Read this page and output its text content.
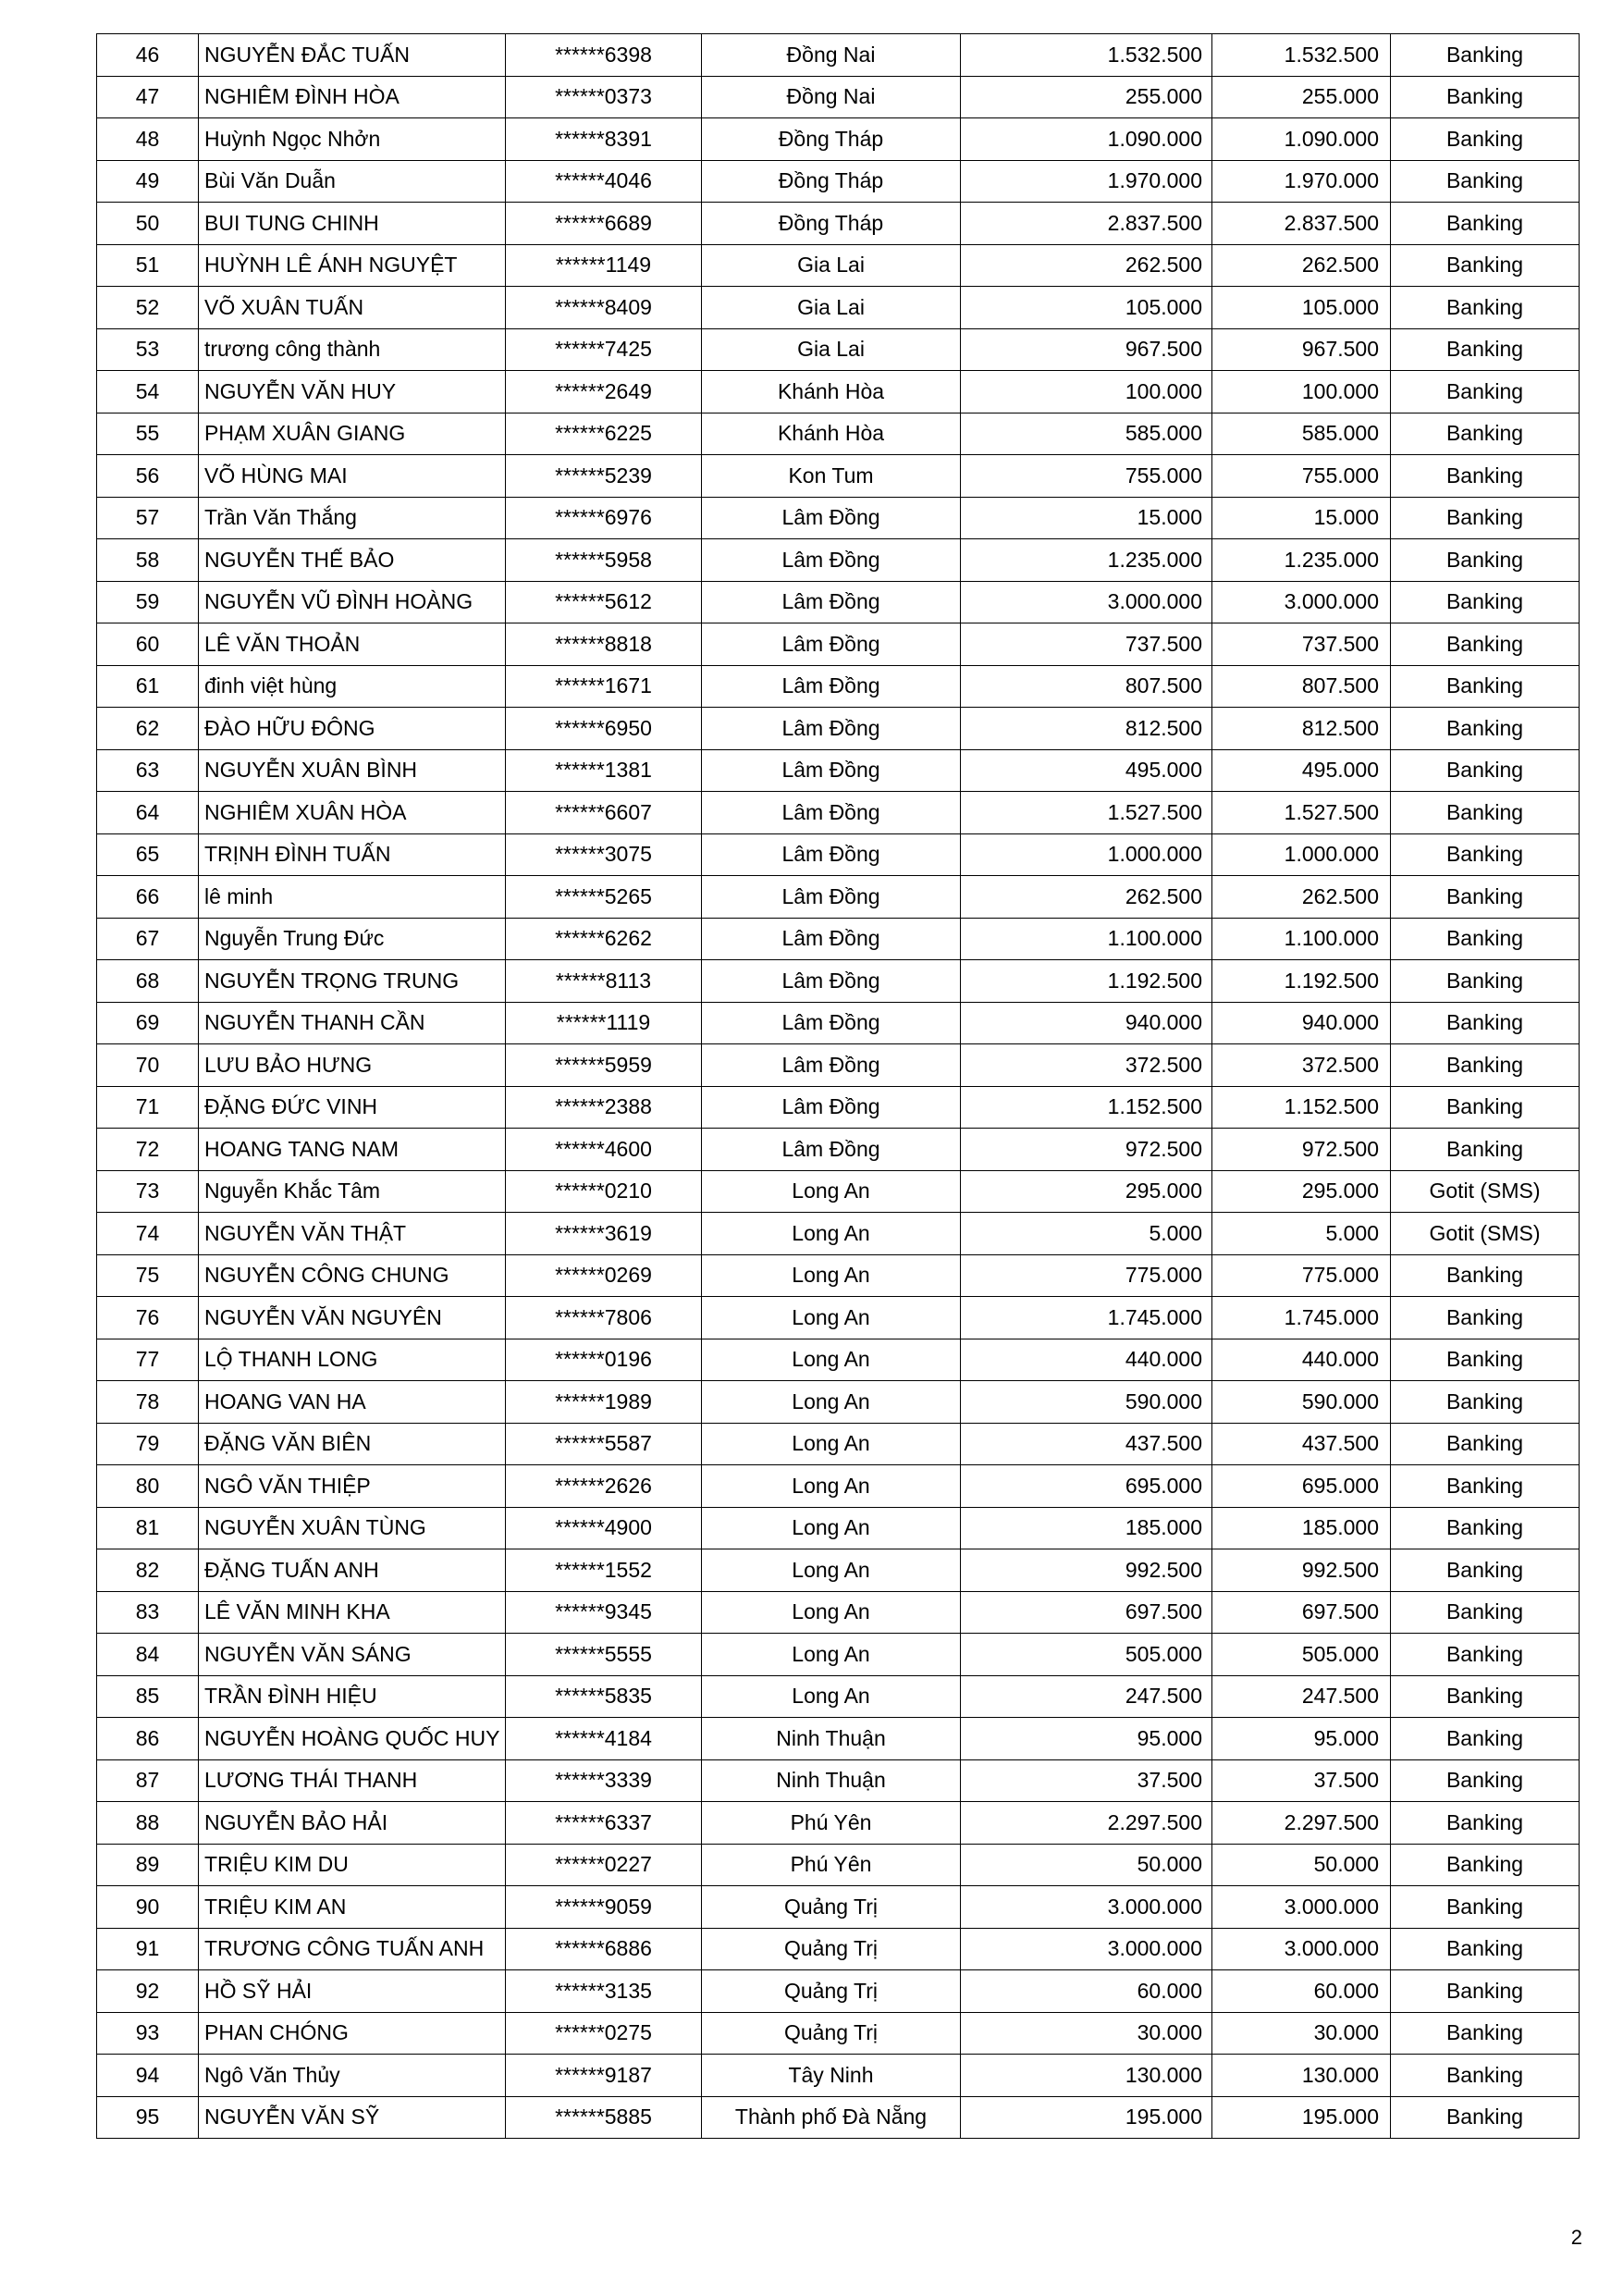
46	NGUYỄN ĐẮC TUẤN	******6398	Đồng Nai	1.532.500	1.532.500	Banking
47	NGHIÊM ĐÌNH HÒA	******0373	Đồng Nai	255.000	255.000	Banking
48	Huỳnh Ngọc Nhởn	******8391	Đồng Tháp	1.090.000	1.090.000	Banking
49	Bùi Văn Duẫn	******4046	Đồng Tháp	1.970.000	1.970.000	Banking
50	BUI TUNG CHINH	******6689	Đồng Tháp	2.837.500	2.837.500	Banking
51	HUỲNH LÊ ÁNH NGUYỆT	******1149	Gia Lai	262.500	262.500	Banking
52	VÕ XUÂN TUẤN	******8409	Gia Lai	105.000	105.000	Banking
53	trương công thành	******7425	Gia Lai	967.500	967.500	Banking
54	NGUYỄN VĂN HUY	******2649	Khánh Hòa	100.000	100.000	Banking
55	PHẠM XUÂN GIANG	******6225	Khánh Hòa	585.000	585.000	Banking
56	VÕ HÙNG MAI	******5239	Kon Tum	755.000	755.000	Banking
57	Trần Văn Thắng	******6976	Lâm Đồng	15.000	15.000	Banking
58	NGUYỄN THẾ BẢO	******5958	Lâm Đồng	1.235.000	1.235.000	Banking
59	NGUYỄN VŨ ĐÌNH HOÀNG	******5612	Lâm Đồng	3.000.000	3.000.000	Banking
60	LÊ VĂN THOẢN	******8818	Lâm Đồng	737.500	737.500	Banking
61	đinh việt hùng	******1671	Lâm Đồng	807.500	807.500	Banking
62	ĐÀO HỮU ĐÔNG	******6950	Lâm Đồng	812.500	812.500	Banking
63	NGUYỄN XUÂN BÌNH	******1381	Lâm Đồng	495.000	495.000	Banking
64	NGHIÊM XUÂN HÒA	******6607	Lâm Đồng	1.527.500	1.527.500	Banking
65	TRỊNH ĐÌNH TUẤN	******3075	Lâm Đồng	1.000.000	1.000.000	Banking
66	lê minh	******5265	Lâm Đồng	262.500	262.500	Banking
67	Nguyễn Trung Đức	******6262	Lâm Đồng	1.100.000	1.100.000	Banking
68	NGUYỄN TRỌNG TRUNG	******8113	Lâm Đồng	1.192.500	1.192.500	Banking
69	NGUYỄN THANH CẦN	******1119	Lâm Đồng	940.000	940.000	Banking
70	LƯU BẢO HƯNG	******5959	Lâm Đồng	372.500	372.500	Banking
71	ĐẶNG ĐỨC VINH	******2388	Lâm Đồng	1.152.500	1.152.500	Banking
72	HOANG TANG NAM	******4600	Lâm Đồng	972.500	972.500	Banking
73	Nguyễn Khắc Tâm	******0210	Long An	295.000	295.000	Gotit (SMS)
74	NGUYỄN VĂN THẬT	******3619	Long An	5.000	5.000	Gotit (SMS)
75	NGUYỄN CÔNG CHUNG	******0269	Long An	775.000	775.000	Banking
76	NGUYỄN VĂN NGUYÊN	******7806	Long An	1.745.000	1.745.000	Banking
77	LỘ THANH LONG	******0196	Long An	440.000	440.000	Banking
78	HOANG VAN HA	******1989	Long An	590.000	590.000	Banking
79	ĐẶNG VĂN BIÊN	******5587	Long An	437.500	437.500	Banking
80	NGÔ VĂN THIỆP	******2626	Long An	695.000	695.000	Banking
81	NGUYỄN XUÂN TÙNG	******4900	Long An	185.000	185.000	Banking
82	ĐẶNG TUẤN ANH	******1552	Long An	992.500	992.500	Banking
83	LÊ VĂN MINH KHA	******9345	Long An	697.500	697.500	Banking
84	NGUYỄN VĂN SÁNG	******5555	Long An	505.000	505.000	Banking
85	TRẦN ĐÌNH HIỆU	******5835	Long An	247.500	247.500	Banking
86	NGUYỄN HOÀNG QUỐC HUY	******4184	Ninh Thuận	95.000	95.000	Banking
87	LƯƠNG THÁI THANH	******3339	Ninh Thuận	37.500	37.500	Banking
88	NGUYỄN BẢO HẢI	******6337	Phú Yên	2.297.500	2.297.500	Banking
89	TRIỆU KIM DU	******0227	Phú Yên	50.000	50.000	Banking
90	TRIỆU KIM AN	******9059	Quảng Trị	3.000.000	3.000.000	Banking
91	TRƯƠNG CÔNG TUẤN ANH	******6886	Quảng Trị	3.000.000	3.000.000	Banking
92	HỒ SỸ HẢI	******3135	Quảng Trị	60.000	60.000	Banking
93	PHAN CHÓNG	******0275	Quảng Trị	30.000	30.000	Banking
94	Ngô Văn Thủy	******9187	Tây Ninh	130.000	130.000	Banking
95	NGUYỄN VĂN SỸ	******5885	Thành phố Đà Nẵng	195.000	195.000	Banking
2
